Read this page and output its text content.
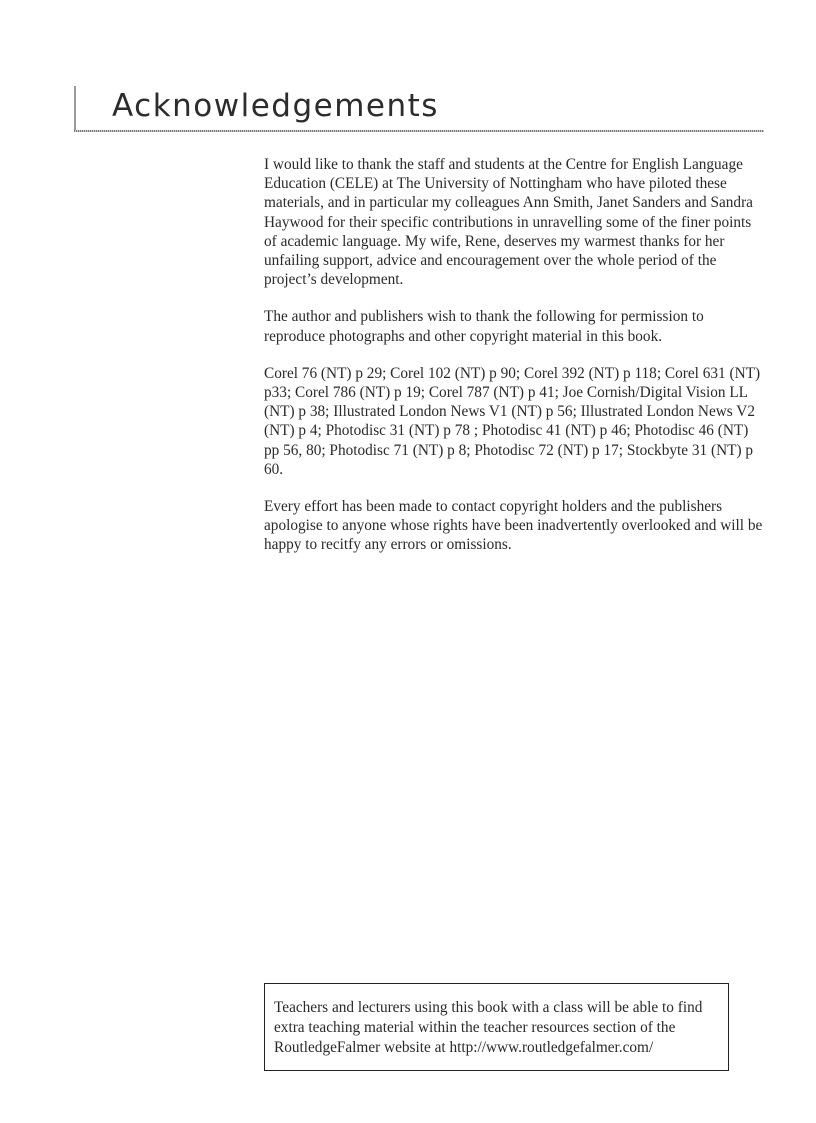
Acknowledgements

I would like to thank the staff and students at the Centre for English Language Education (CELE) at The University of Nottingham who have piloted these materials, and in particular my colleagues Ann Smith, Janet Sanders and Sandra Haywood for their specific contributions in unravelling some of the finer points of academic language. My wife, Rene, deserves my warmest thanks for her unfailing support, advice and encouragement over the whole period of the project’s development.

The author and publishers wish to thank the following for permission to reproduce photographs and other copyright material in this book.

Corel 76 (NT) p 29; Corel 102 (NT) p 90; Corel 392 (NT) p 118; Corel 631 (NT) p33; Corel 786 (NT) p 19; Corel 787 (NT) p 41; Joe Cornish/Digital Vision LL (NT) p 38; Illustrated London News V1 (NT) p 56; Illustrated London News V2 (NT) p 4; Photodisc 31 (NT) p 78 ; Photodisc 41 (NT) p 46; Photodisc 46 (NT) pp 56, 80; Photodisc 71 (NT) p 8; Photodisc 72 (NT) p 17; Stockbyte 31 (NT) p 60.

Every effort has been made to contact copyright holders and the publishers apologise to anyone whose rights have been inadvertently overlooked and will be happy to recitfy any errors or omissions.

Teachers and lecturers using this book with a class will be able to find extra teaching material within the teacher resources section of the RoutledgeFalmer website at http://www.routledgefalmer.com/
